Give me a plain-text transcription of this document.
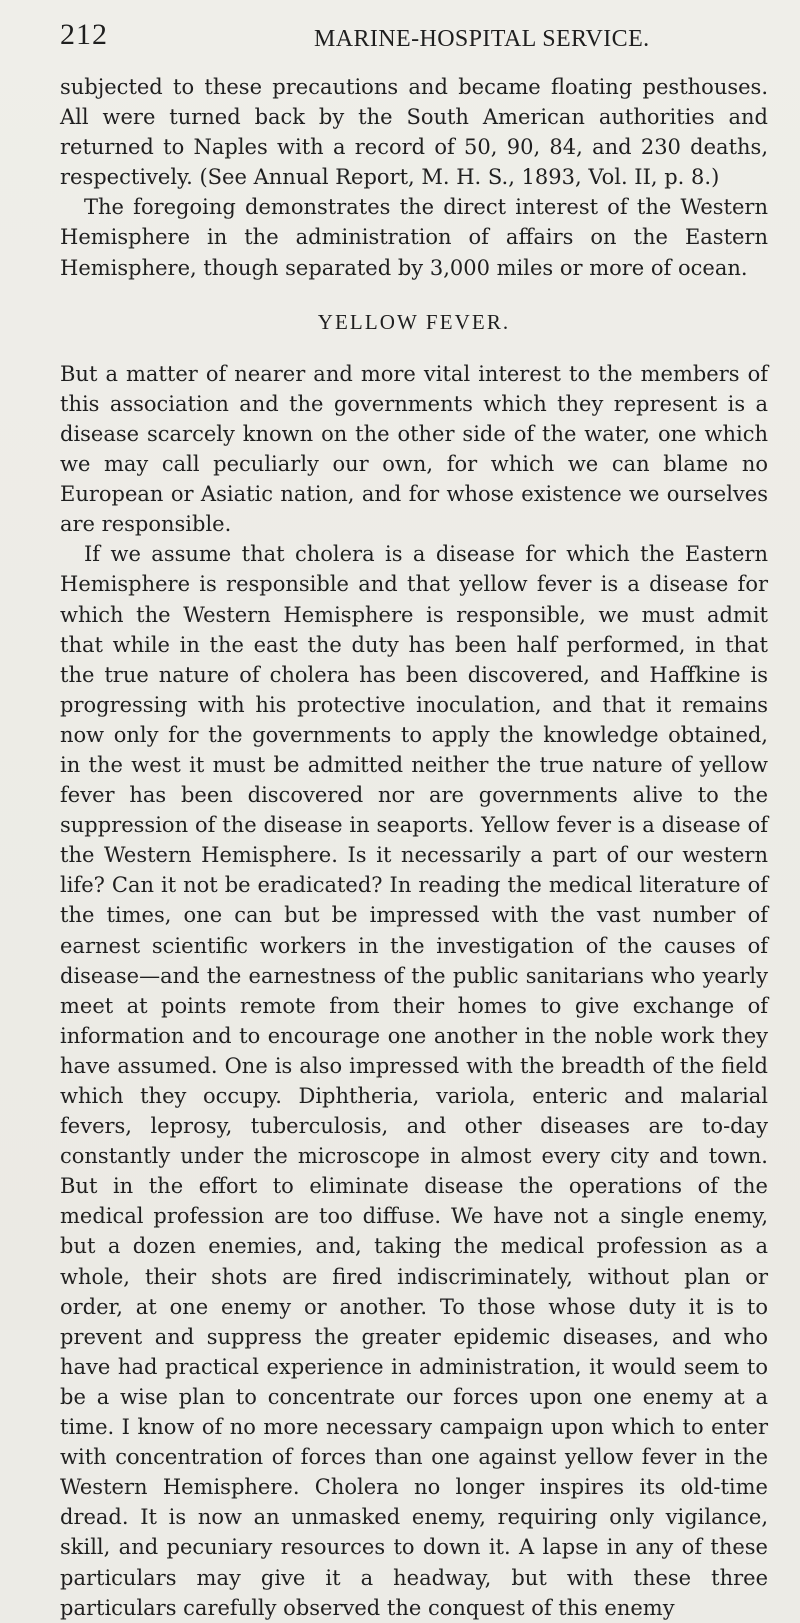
212	MARINE-HOSPITAL SERVICE.

subjected to these precautions and became floating pesthouses. All were turned back by the South American authorities and returned to Naples with a record of 50, 90, 84, and 230 deaths, respectively. (See Annual Report, M. H. S., 1893, Vol. II, p. 8.)

The foregoing demonstrates the direct interest of the Western Hemisphere in the administration of affairs on the Eastern Hemisphere, though separated by 3,000 miles or more of ocean.

YELLOW FEVER.

But a matter of nearer and more vital interest to the members of this association and the governments which they represent is a disease scarcely known on the other side of the water, one which we may call peculiarly our own, for which we can blame no European or Asiatic nation, and for whose existence we ourselves are responsible.

If we assume that cholera is a disease for which the Eastern Hemisphere is responsible and that yellow fever is a disease for which the Western Hemisphere is responsible, we must admit that while in the east the duty has been half performed, in that the true nature of cholera has been discovered, and Haffkine is progressing with his protective inoculation, and that it remains now only for the governments to apply the knowledge obtained, in the west it must be admitted neither the true nature of yellow fever has been discovered nor are governments alive to the suppression of the disease in seaports. Yellow fever is a disease of the Western Hemisphere. Is it necessarily a part of our western life? Can it not be eradicated? In reading the medical literature of the times, one can but be impressed with the vast number of earnest scientific workers in the investigation of the causes of disease—and the earnestness of the public sanitarians who yearly meet at points remote from their homes to give exchange of information and to encourage one another in the noble work they have assumed. One is also impressed with the breadth of the field which they occupy. Diphtheria, variola, enteric and malarial fevers, leprosy, tuberculosis, and other diseases are to-day constantly under the microscope in almost every city and town. But in the effort to eliminate disease the operations of the medical profession are too diffuse. We have not a single enemy, but a dozen enemies, and, taking the medical profession as a whole, their shots are fired indiscriminately, without plan or order, at one enemy or another. To those whose duty it is to prevent and suppress the greater epidemic diseases, and who have had practical experience in administration, it would seem to be a wise plan to concentrate our forces upon one enemy at a time. I know of no more necessary campaign upon which to enter with concentration of forces than one against yellow fever in the Western Hemisphere. Cholera no longer inspires its old-time dread. It is now an unmasked enemy, requiring only vigilance, skill, and pecuniary resources to down it. A lapse in any of these particulars may give it a headway, but with these three particulars carefully observed the conquest of this enemy
